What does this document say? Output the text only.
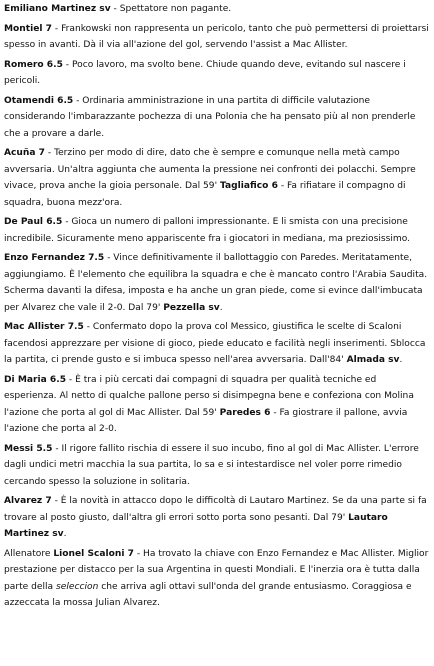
Emiliano Martinez sv - Spettatore non pagante.

Montiel 7 - Frankowski non rappresenta un pericolo, tanto che può permettersi di proiettarsi spesso in avanti. Dà il via all'azione del gol, servendo l'assist a Mac Allister.

Romero 6.5 - Poco lavoro, ma svolto bene. Chiude quando deve, evitando sul nascere i pericoli.

Otamendi 6.5 - Ordinaria amministrazione in una partita di difficile valutazione considerando l'imbarazzante pochezza di una Polonia che ha pensato più al non prenderle che a provare a darle.

Acuña 7 - Terzino per modo di dire, dato che è sempre e comunque nella metà campo avversaria. Un'altra aggiunta che aumenta la pressione nei confronti dei polacchi. Sempre vivace, prova anche la gioia personale. Dal 59' Tagliafico 6 - Fa rifiatare il compagno di squadra, buona mezz'ora.

De Paul 6.5 - Gioca un numero di palloni impressionante. E li smista con una precisione incredibile. Sicuramente meno appariscente fra i giocatori in mediana, ma preziosissimo.

Enzo Fernandez 7.5 - Vince definitivamente il ballottaggio con Paredes. Meritatamente, aggiungiamo. È l'elemento che equilibra la squadra e che è mancato contro l'Arabia Saudita. Scherma davanti la difesa, imposta e ha anche un gran piede, come si evince dall'imbucata per Alvarez che vale il 2-0. Dal 79' Pezzella sv.

Mac Allister 7.5 - Confermato dopo la prova col Messico, giustifica le scelte di Scaloni facendosi apprezzare per visione di gioco, piede educato e facilità negli inserimenti. Sblocca la partita, ci prende gusto e si imbuca spesso nell'area avversaria. Dall'84' Almada sv.

Di Maria 6.5 - È tra i più cercati dai compagni di squadra per qualità tecniche ed esperienza. Al netto di qualche pallone perso si disimpegna bene e confeziona con Molina l'azione che porta al gol di Mac Allister. Dal 59' Paredes 6 - Fa giostrare il pallone, avvia l'azione che porta al 2-0.

Messi 5.5 - Il rigore fallito rischia di essere il suo incubo, fino al gol di Mac Allister. L'errore dagli undici metri macchia la sua partita, lo sa e si intestardisce nel voler porre rimedio cercando spesso la soluzione in solitaria.

Alvarez 7 - È la novità in attacco dopo le difficoltà di Lautaro Martinez. Se da una parte si fa trovare al posto giusto, dall'altra gli errori sotto porta sono pesanti. Dal 79' Lautaro Martinez sv.

Allenatore Lionel Scaloni 7 - Ha trovato la chiave con Enzo Fernandez e Mac Allister. Miglior prestazione per distacco per la sua Argentina in questi Mondiali. E l'inerzia ora è tutta dalla parte della seleccion che arriva agli ottavi sull'onda del grande entusiasmo. Coraggiosa e azzeccata la mossa Julian Alvarez.
